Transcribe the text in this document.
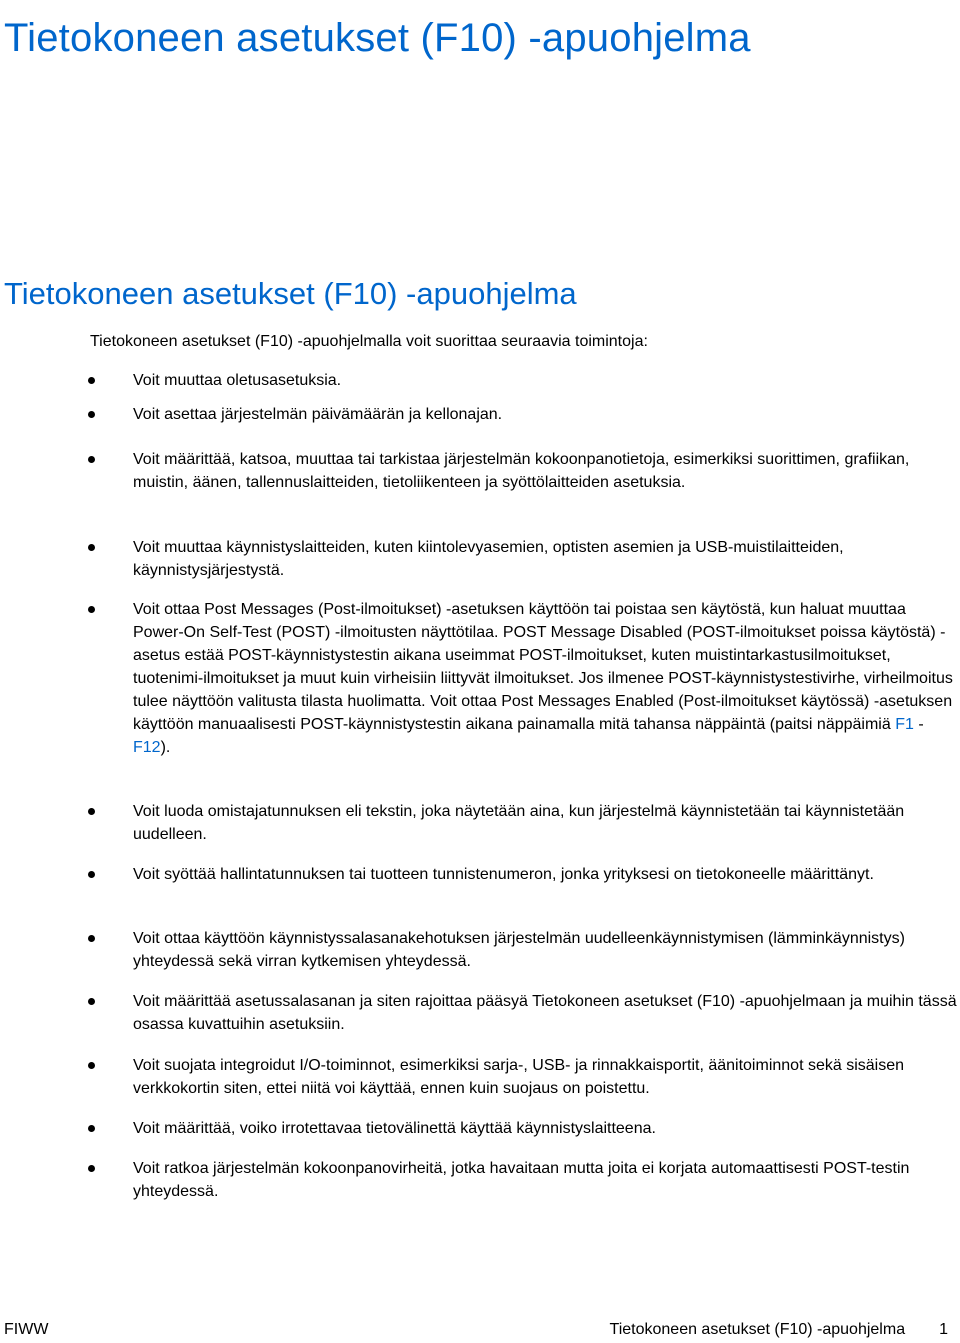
Tietokoneen asetukset (F10) -apuohjelma
Tietokoneen asetukset (F10) -apuohjelma

Tietokoneen asetukset (F10) -apuohjelmalla voit suorittaa seuraavia toimintoja:

Voit muuttaa oletusasetuksia.

Voit asettaa järjestelmän päivämäärän ja kellonajan.

Voit määrittää, katsoa, muuttaa tai tarkistaa järjestelmän kokoonpanotietoja, esimerkiksi suorittimen, grafiikan, muistin, äänen, tallennuslaitteiden, tietoliikenteen ja syöttölaitteiden asetuksia.

Voit muuttaa käynnistyslaitteiden, kuten kiintolevyasemien, optisten asemien ja USB-muistilaitteiden, käynnistysjärjestystä.

Voit ottaa Post Messages (Post-ilmoitukset) -asetuksen käyttöön tai poistaa sen käytöstä, kun haluat muuttaa Power-On Self-Test (POST) -ilmoitusten näyttötilaa. POST Message Disabled (POST-ilmoitukset poissa käytöstä) -asetus estää POST-käynnistystestin aikana useimmat POST-ilmoitukset, kuten muistintarkastusilmoitukset, tuotenimi-ilmoitukset ja muut kuin virheisiin liittyvät ilmoitukset. Jos ilmenee POST-käynnistystestivirhe, virheilmoitus tulee näyttöön valitusta tilasta huolimatta. Voit ottaa Post Messages Enabled (Post-ilmoitukset käytössä) -asetuksen käyttöön manuaalisesti POST-käynnistystestin aikana painamalla mitä tahansa näppäintä (paitsi näppäimiä F1 - F12).

Voit luoda omistajatunnuksen eli tekstin, joka näytetään aina, kun järjestelmä käynnistetään tai käynnistetään uudelleen.

Voit syöttää hallintatunnuksen tai tuotteen tunnistenumeron, jonka yrityksesi on tietokoneelle määrittänyt.

Voit ottaa käyttöön käynnistyssalasanakehotuksen järjestelmän uudelleenkäynnistymisen (lämminkäynnistys) yhteydessä sekä virran kytkemisen yhteydessä.

Voit määrittää asetussalasanan ja siten rajoittaa pääsyä Tietokoneen asetukset (F10) -apuohjelmaan ja muihin tässä osassa kuvattuihin asetuksiin.

Voit suojata integroidut I/O-toiminnot, esimerkiksi sarja-, USB- ja rinnakkaisportit, äänitoiminnot sekä sisäisen verkkokortin siten, ettei niitä voi käyttää, ennen kuin suojaus on poistettu.

Voit määrittää, voiko irrotettavaa tietovälinettä käyttää käynnistyslaitteena.

Voit ratkoa järjestelmän kokoonpanovirheitä, jotka havaitaan mutta joita ei korjata automaattisesti POST-testin yhteydessä.

FIWW	Tietokoneen asetukset (F10) -apuohjelma 1
